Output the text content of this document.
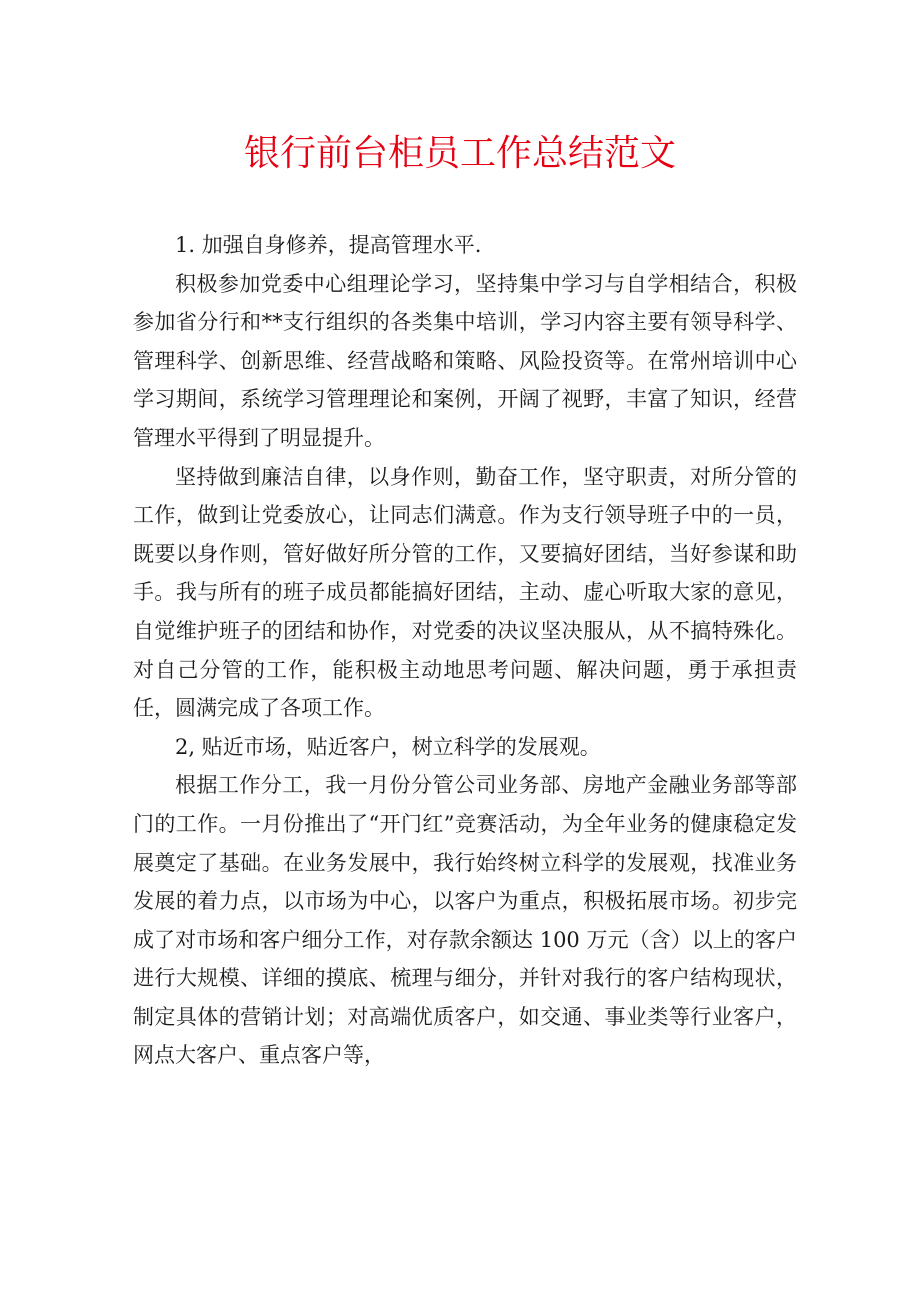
银行前台柜员工作总结范文

1. 加强自身修养，提高管理水平.

积极参加党委中心组理论学习，坚持集中学习与自学相结合，积极参加省分行和**支行组织的各类集中培训，学习内容主要有领导科学、管理科学、创新思维、经营战略和策略、风险投资等。在常州培训中心学习期间，系统学习管理理论和案例，开阔了视野，丰富了知识，经营管理水平得到了明显提升。

坚持做到廉洁自律，以身作则，勤奋工作，坚守职责，对所分管的工作，做到让党委放心，让同志们满意。作为支行领导班子中的一员，既要以身作则，管好做好所分管的工作，又要搞好团结，当好参谋和助手。我与所有的班子成员都能搞好团结，主动、虚心听取大家的意见，自觉维护班子的团结和协作，对党委的决议坚决服从，从不搞特殊化。对自己分管的工作，能积极主动地思考问题、解决问题，勇于承担责任，圆满完成了各项工作。

2, 贴近市场，贴近客户，树立科学的发展观。

根据工作分工，我一月份分管公司业务部、房地产金融业务部等部门的工作。一月份推出了“开门红”竞赛活动，为全年业务的健康稳定发展奠定了基础。在业务发展中，我行始终树立科学的发展观，找准业务发展的着力点，以市场为中心，以客户为重点，积极拓展市场。初步完成了对市场和客户细分工作，对存款余额达 100 万元（含）以上的客户进行大规模、详细的摸底、梳理与细分，并针对我行的客户结构现状，制定具体的营销计划；对高端优质客户，如交通、事业类等行业客户，网点大客户、重点客户等，
